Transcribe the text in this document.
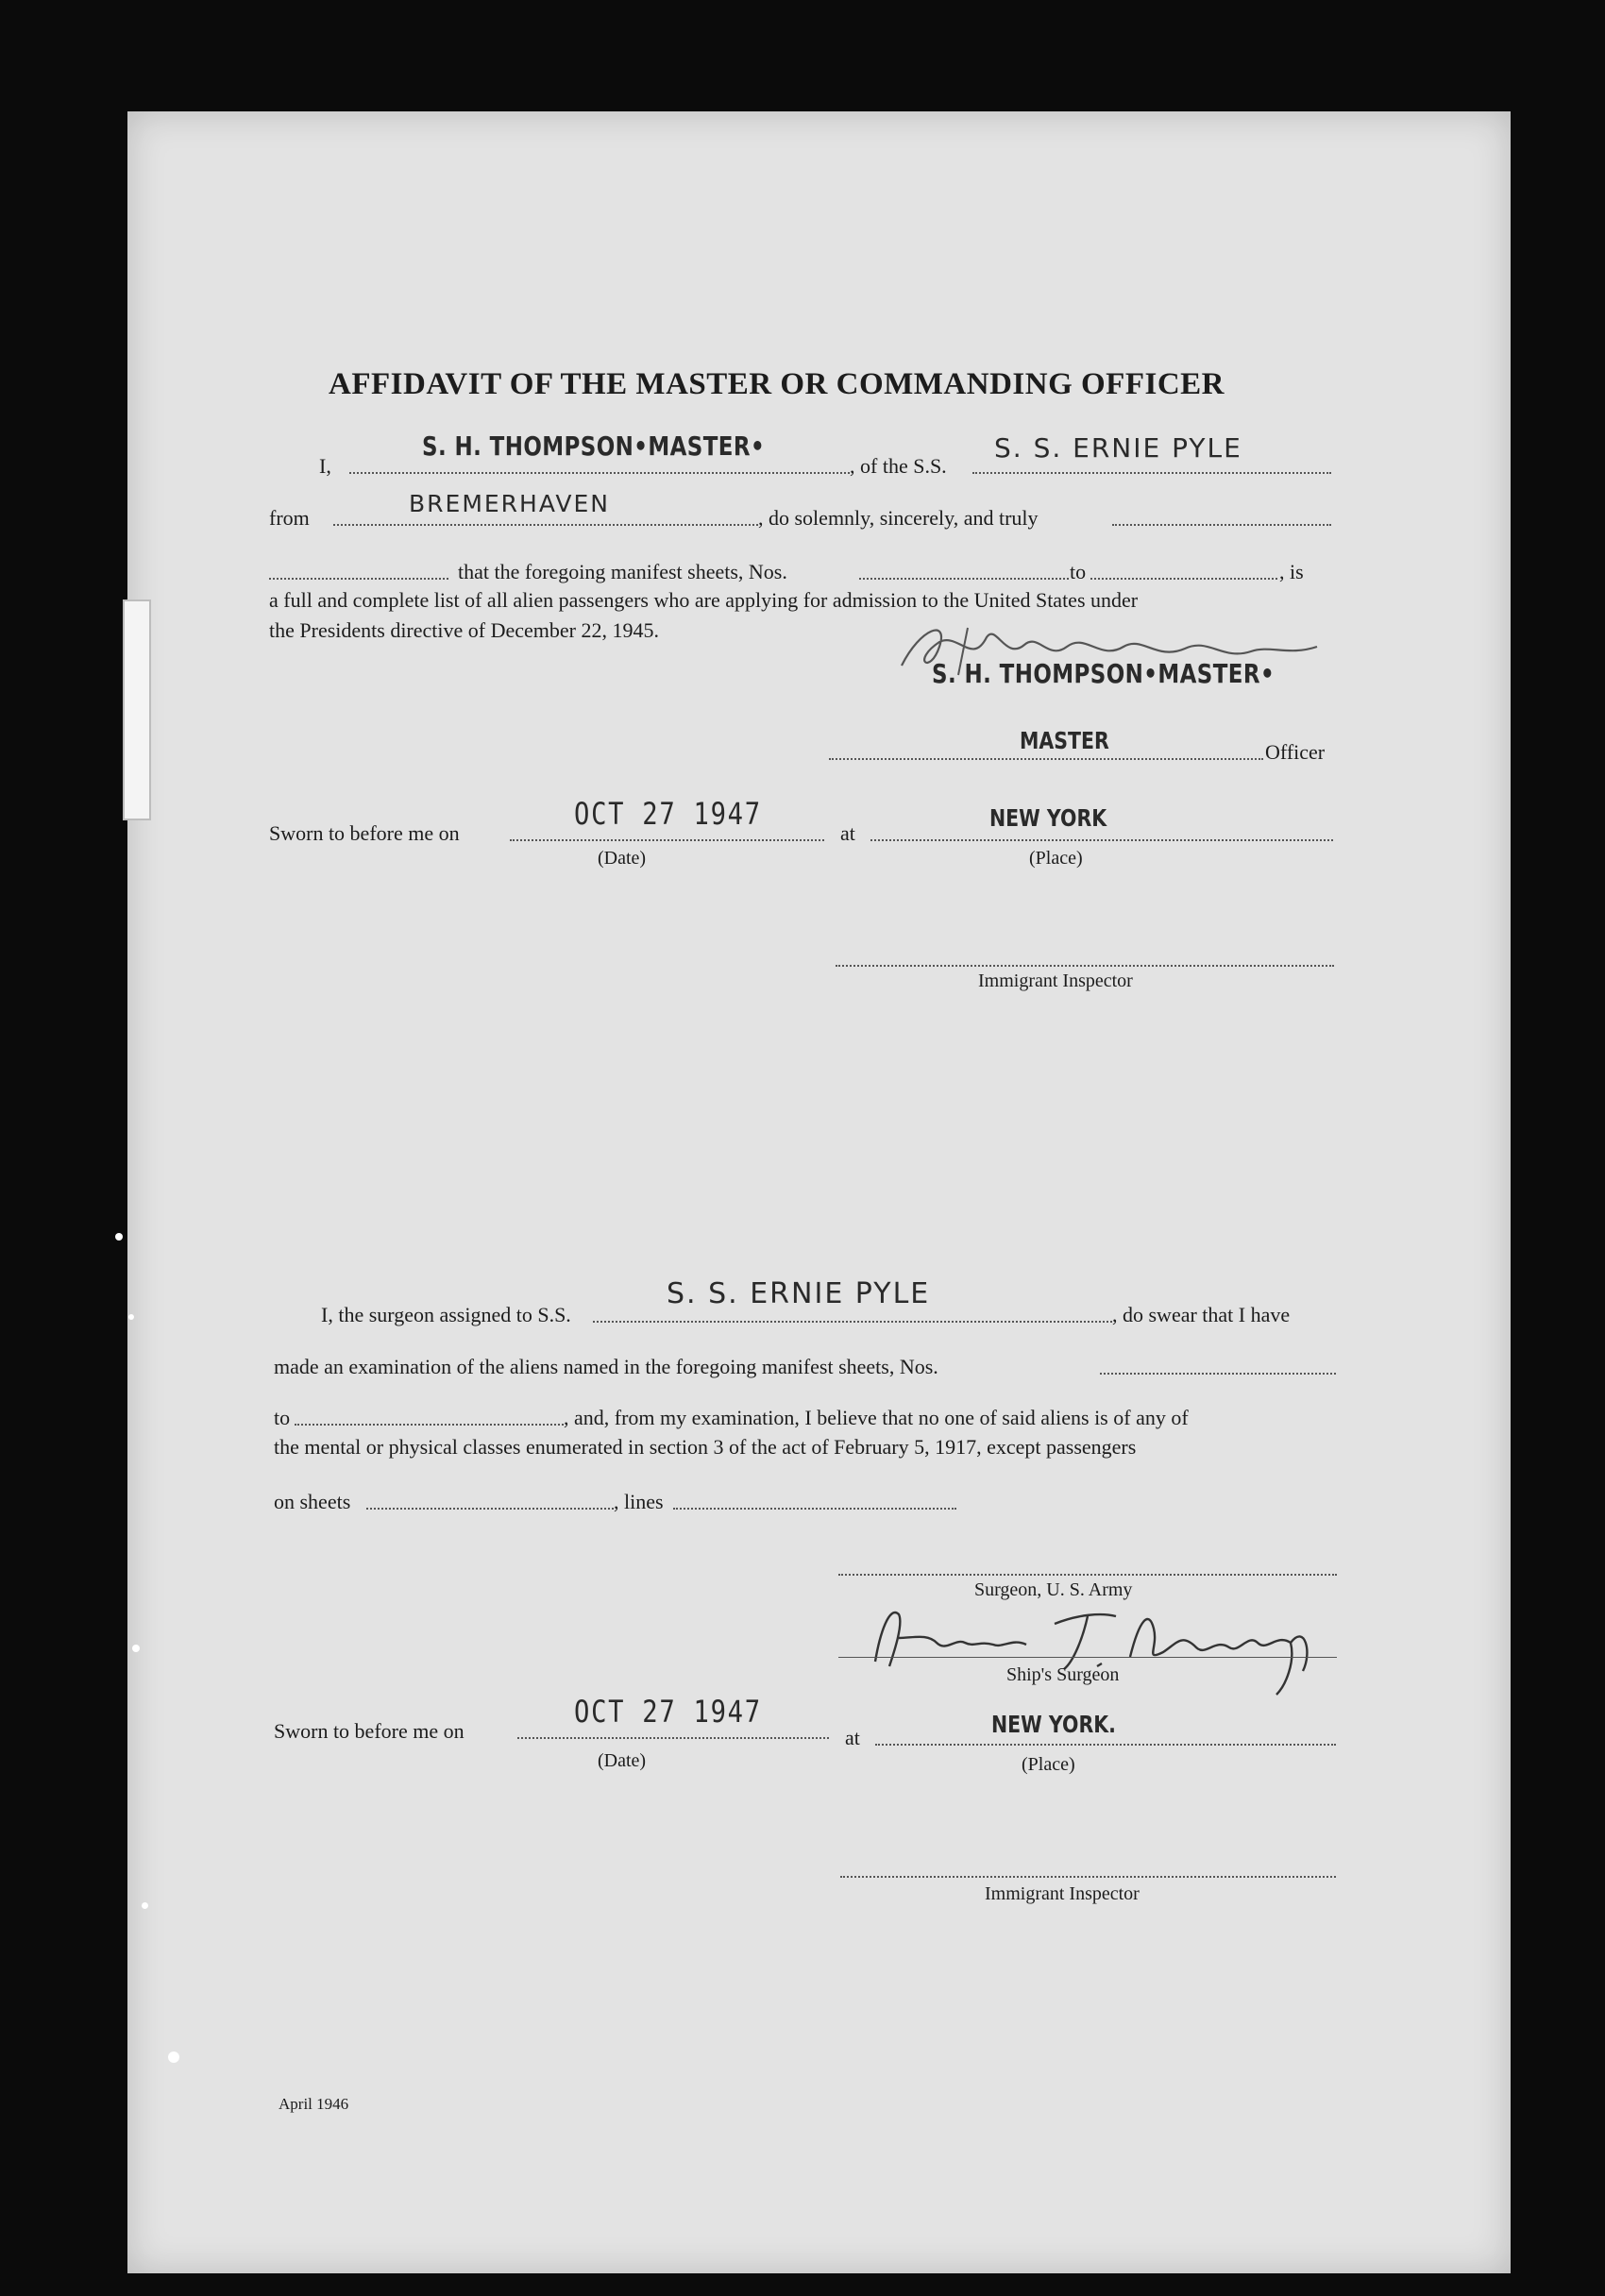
AFFIDAVIT OF THE MASTER OR COMMANDING OFFICER
I,
S. H. THOMPSON•MASTER•
, of the S.S.
S. S. ERNIE PYLE
from
BREMERHAVEN
, do solemnly, sincerely, and truly
that the foregoing manifest sheets, Nos.	to	, is
a full and complete list of all alien passengers who are applying for admission to the United States under
the Presidents directive of December 22, 1945.
S. H. THOMPSON•MASTER•
MASTER	Officer
Sworn to before me on
OCT 27 1947
at
NEW YORK
(Date)	(Place)
Immigrant Inspector
I, the surgeon assigned to S.S.
S. S. ERNIE PYLE
, do swear that I have
made an examination of the aliens named in the foregoing manifest sheets, Nos.
to	, and, from my examination, I believe that no one of said aliens is of any of
the mental or physical classes enumerated in section 3 of the act of February 5, 1917, except passengers
on sheets	, lines
Surgeon, U. S. Army
Ship's Surgeon
Sworn to before me on
OCT 27 1947
at	NEW YORK.
(Date)	(Place)
Immigrant Inspector
April 1946
